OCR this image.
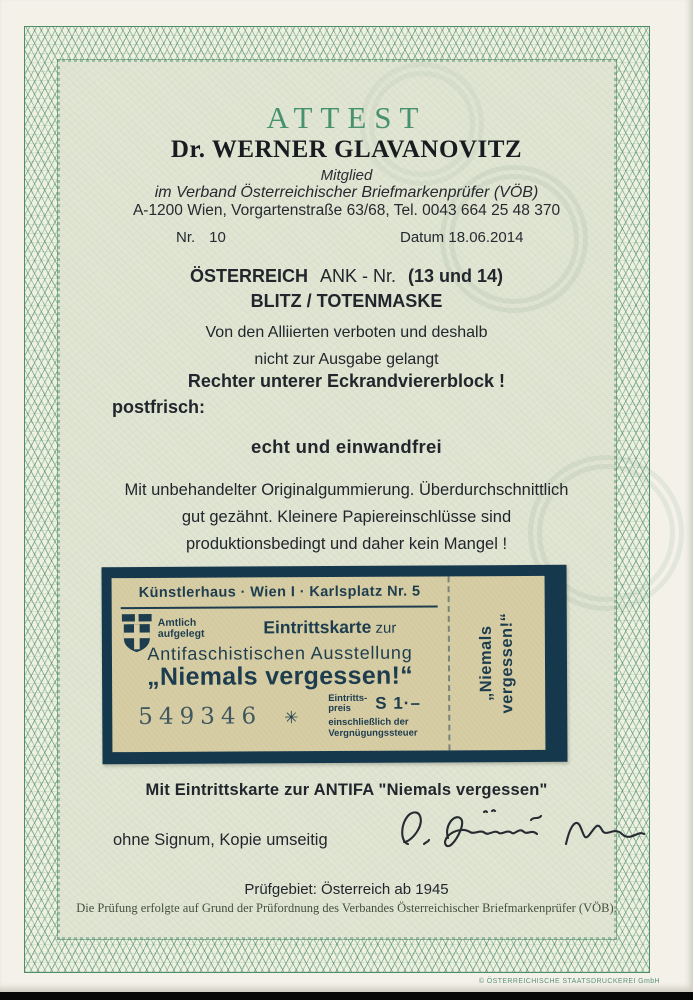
ATTEST
Dr. WERNER GLAVANOVITZ
Mitglied
im Verband Österreichischer Briefmarkenprüfer (VÖB)
A-1200 Wien, Vorgartenstraße 63/68, Tel. 0043 664 25 48 370
Nr. 10	Datum 18.06.2014
ÖSTERREICH ANK - Nr. (13 und 14)
BLITZ / TOTENMASKE
Von den Alliierten verboten und deshalb
nicht zur Ausgabe gelangt
Rechter unterer Eckrandviererblock !
postfrisch:
echt und einwandfrei
Mit unbehandelter Originalgummierung. Überdurchschnittlich
gut gezähnt. Kleinere Papiereinschlüsse sind
produktionsbedingt und daher kein Mangel !
Künstlerhaus · Wien I · Karlsplatz Nr. 5
Amtlich
aufgelegt	Eintrittskarte zur
Antifaschistischen Ausstellung
„Niemals vergessen!“
549346 ✳
Eintritts-
preis	S 1·–
einschließlich der
Vergnügungssteuer
„Niemals vergessen!“
Mit Eintrittskarte zur ANTIFA "Niemals vergessen"
ohne Signum, Kopie umseitig
Prüfgebiet: Österreich ab 1945
Die Prüfung erfolgte auf Grund der Prüfordnung des Verbandes Österreichischer Briefmarkenprüfer (VÖB).
© ÖSTERREICHISCHE STAATSDRUCKEREI GmbH
